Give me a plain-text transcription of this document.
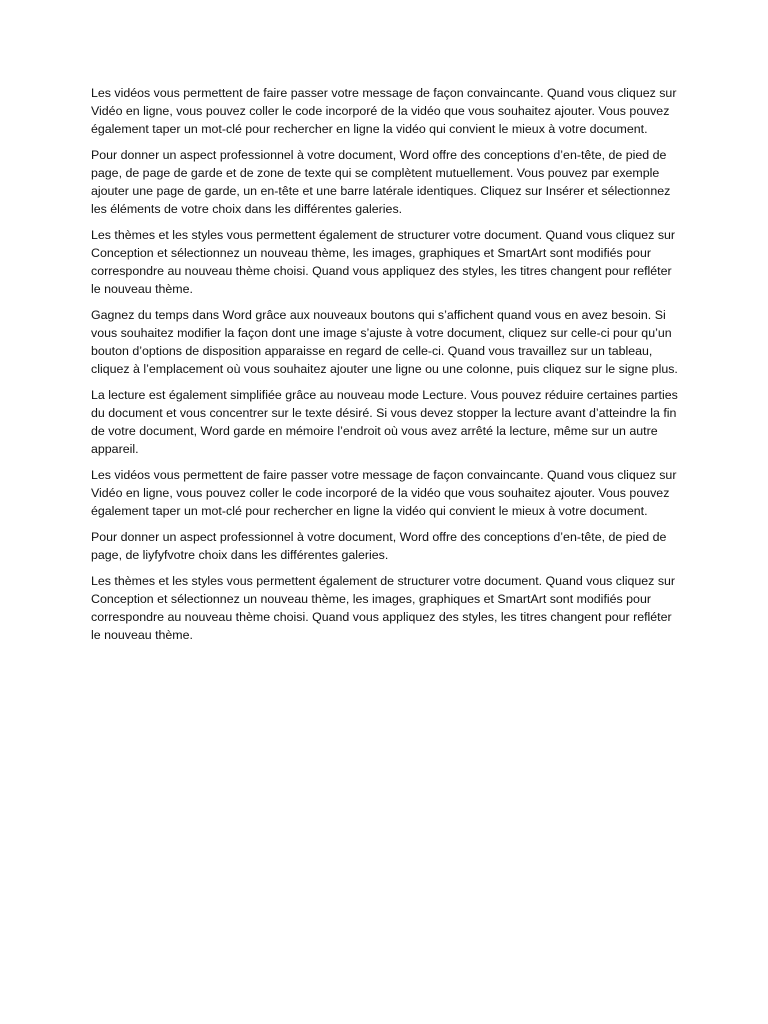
Les vidéos vous permettent de faire passer votre message de façon convaincante. Quand vous cliquez sur Vidéo en ligne, vous pouvez coller le code incorporé de la vidéo que vous souhaitez ajouter. Vous pouvez également taper un mot-clé pour rechercher en ligne la vidéo qui convient le mieux à votre document.

Pour donner un aspect professionnel à votre document, Word offre des conceptions d’en-tête, de pied de page, de page de garde et de zone de texte qui se complètent mutuellement. Vous pouvez par exemple ajouter une page de garde, un en-tête et une barre latérale identiques. Cliquez sur Insérer et sélectionnez les éléments de votre choix dans les différentes galeries.

Les thèmes et les styles vous permettent également de structurer votre document. Quand vous cliquez sur Conception et sélectionnez un nouveau thème, les images, graphiques et SmartArt sont modifiés pour correspondre au nouveau thème choisi. Quand vous appliquez des styles, les titres changent pour refléter le nouveau thème.

Gagnez du temps dans Word grâce aux nouveaux boutons qui s’affichent quand vous en avez besoin. Si vous souhaitez modifier la façon dont une image s’ajuste à votre document, cliquez sur celle-ci pour qu’un bouton d’options de disposition apparaisse en regard de celle-ci. Quand vous travaillez sur un tableau, cliquez à l’emplacement où vous souhaitez ajouter une ligne ou une colonne, puis cliquez sur le signe plus.

La lecture est également simplifiée grâce au nouveau mode Lecture. Vous pouvez réduire certaines parties du document et vous concentrer sur le texte désiré. Si vous devez stopper la lecture avant d’atteindre la fin de votre document, Word garde en mémoire l’endroit où vous avez arrêté la lecture, même sur un autre appareil.

Les vidéos vous permettent de faire passer votre message de façon convaincante. Quand vous cliquez sur Vidéo en ligne, vous pouvez coller le code incorporé de la vidéo que vous souhaitez ajouter. Vous pouvez également taper un mot-clé pour rechercher en ligne la vidéo qui convient le mieux à votre document.

Pour donner un aspect professionnel à votre document, Word offre des conceptions d’en-tête, de pied de page, de liyfyfvotre choix dans les différentes galeries.

Les thèmes et les styles vous permettent également de structurer votre document. Quand vous cliquez sur Conception et sélectionnez un nouveau thème, les images, graphiques et SmartArt sont modifiés pour correspondre au nouveau thème choisi. Quand vous appliquez des styles, les titres changent pour refléter le nouveau thème.
